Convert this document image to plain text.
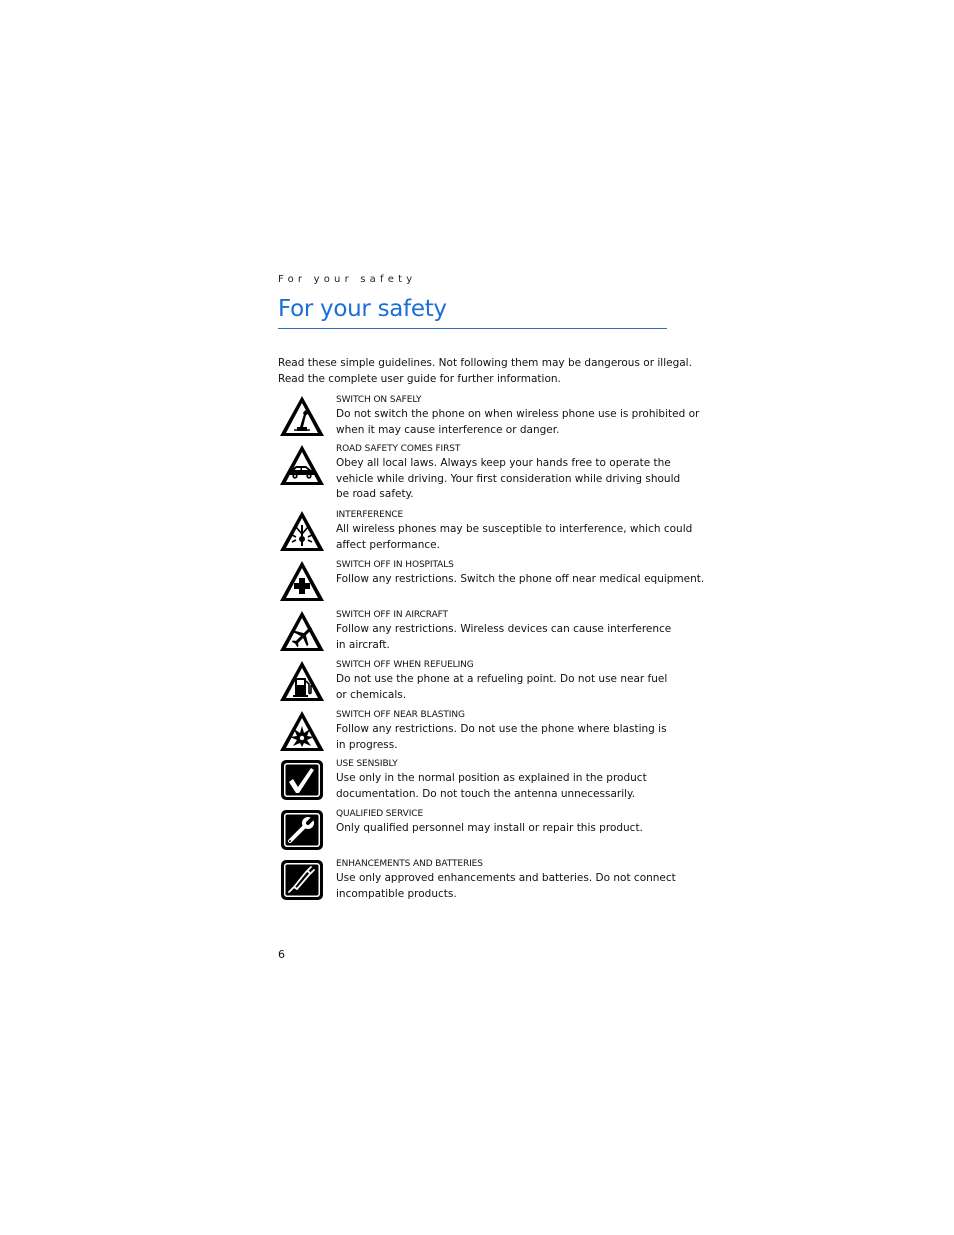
For your safety
For your safety

Read these simple guidelines. Not following them may be dangerous or illegal.
Read the complete user guide for further information.

SWITCH ON SAFELY
Do not switch the phone on when wireless phone use is prohibited or
when it may cause interference or danger.
ROAD SAFETY COMES FIRST
Obey all local laws. Always keep your hands free to operate the
vehicle while driving. Your first consideration while driving should
be road safety.
INTERFERENCE
All wireless phones may be susceptible to interference, which could
affect performance.
SWITCH OFF IN HOSPITALS
Follow any restrictions. Switch the phone off near medical equipment.
SWITCH OFF IN AIRCRAFT
Follow any restrictions. Wireless devices can cause interference
in aircraft.
SWITCH OFF WHEN REFUELING
Do not use the phone at a refueling point. Do not use near fuel
or chemicals.
SWITCH OFF NEAR BLASTING
Follow any restrictions. Do not use the phone where blasting is
in progress.
USE SENSIBLY
Use only in the normal position as explained in the product
documentation. Do not touch the antenna unnecessarily.
QUALIFIED SERVICE
Only qualified personnel may install or repair this product.
ENHANCEMENTS AND BATTERIES
Use only approved enhancements and batteries. Do not connect
incompatible products.
6
